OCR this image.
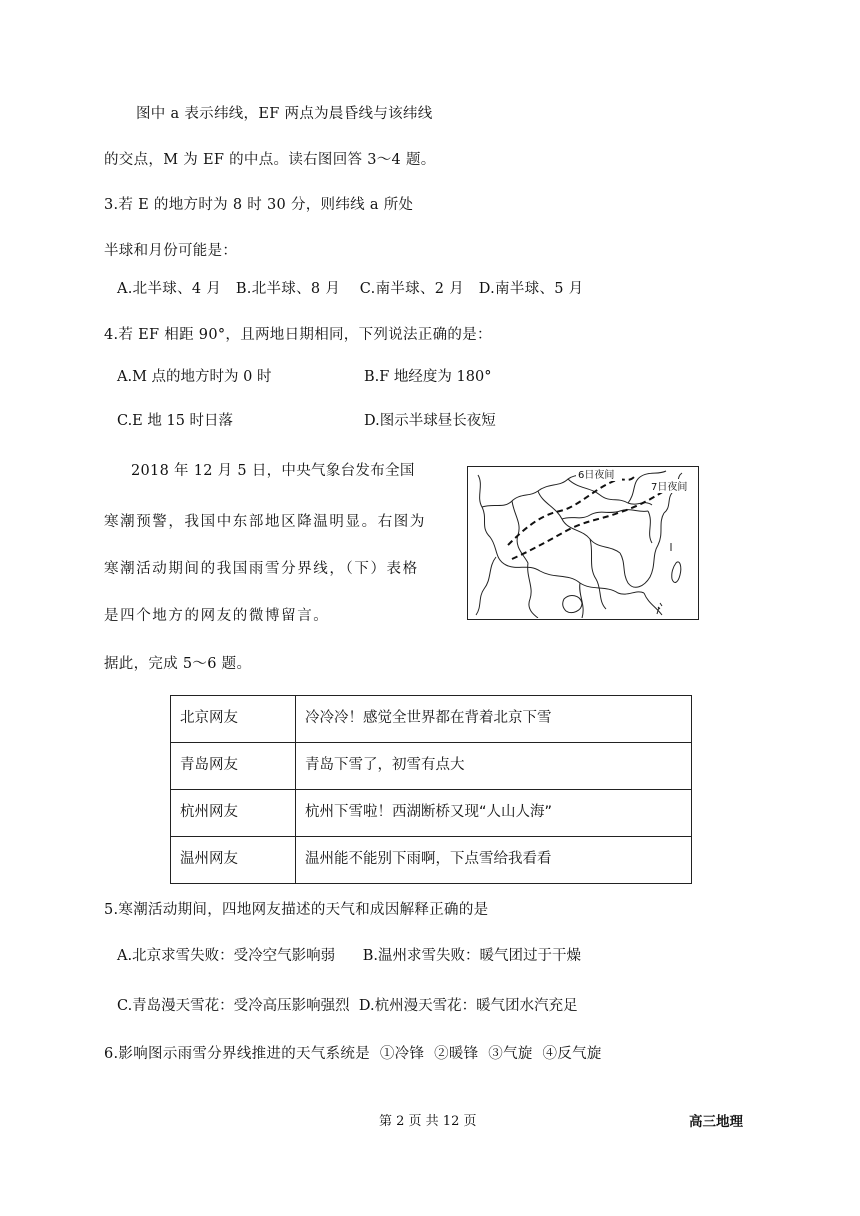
图中 a 表示纬线，EF 两点为晨昏线与该纬线
的交点，M 为 EF 的中点。读右图回答 3～4 题。
3.若 E 的地方时为 8 时 30 分，则纬线 a 所处
半球和月份可能是：
A.北半球、4 月   B.北半球、8 月    C.南半球、2 月   D.南半球、5 月
4.若 EF 相距 90°，且两地日期相同，下列说法正确的是：
A.M 点的地方时为 0 时	B.F 地经度为 180°
C.E 地 15 时日落	D.图示半球昼长夜短
2018 年 12 月 5 日，中央气象台发布全国
寒潮预警，我国中东部地区降温明显。右图为
寒潮活动期间的我国雨雪分界线，（下）表格
是四个地方的网友的微博留言。
据此，完成 5～6 题。
6日夜间
7日夜间
北京网友	冷冷冷！感觉全世界都在背着北京下雪
青岛网友	青岛下雪了，初雪有点大
杭州网友	杭州下雪啦！西湖断桥又现“人山人海”
温州网友	温州能不能别下雨啊，下点雪给我看看
5.寒潮活动期间，四地网友描述的天气和成因解释正确的是
A.北京求雪失败：受冷空气影响弱      B.温州求雪失败：暖气团过于干燥
C.青岛漫天雪花：受冷高压影响强烈  D.杭州漫天雪花：暖气团水汽充足
6.影响图示雨雪分界线推进的天气系统是  ①冷锋  ②暖锋  ③气旋  ④反气旋
第 2 页 共 12 页	高三地理
